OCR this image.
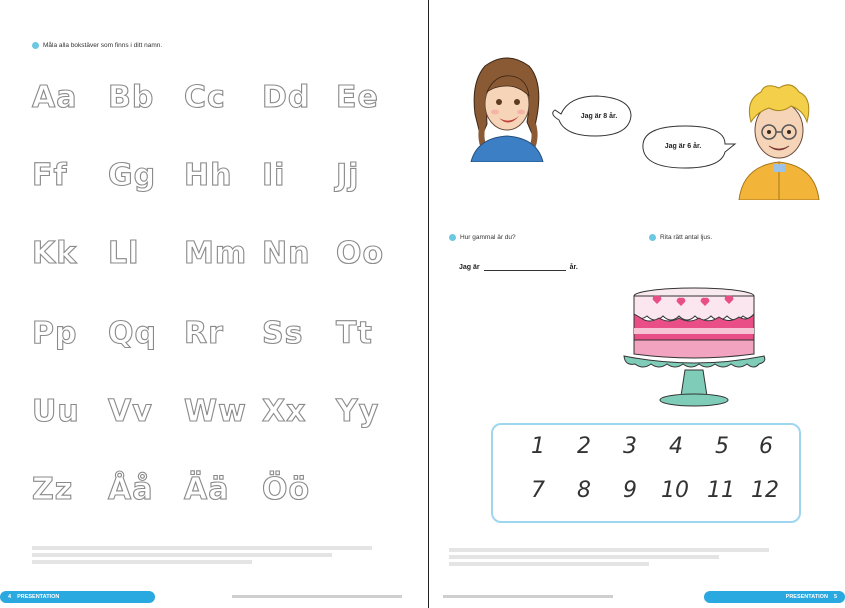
Måla alla bokstäver som finns i ditt namn.
Aa Bb Cc Dd Ee
Ff Gg Hh Ii Jj
Kk Ll Mm Nn Oo
Pp Qq Rr Ss Tt
Uu Vv Ww Xx Yy
Zz Åå Ää Öö
4 PRESENTATION
Jag är 8 år.
Jag är 6 år.
Hur gammal är du?	Rita rätt antal ljus.
Jag är	år.
1 2 3 4 5 6
7 8 9 10 11 12
PRESENTATION 5
